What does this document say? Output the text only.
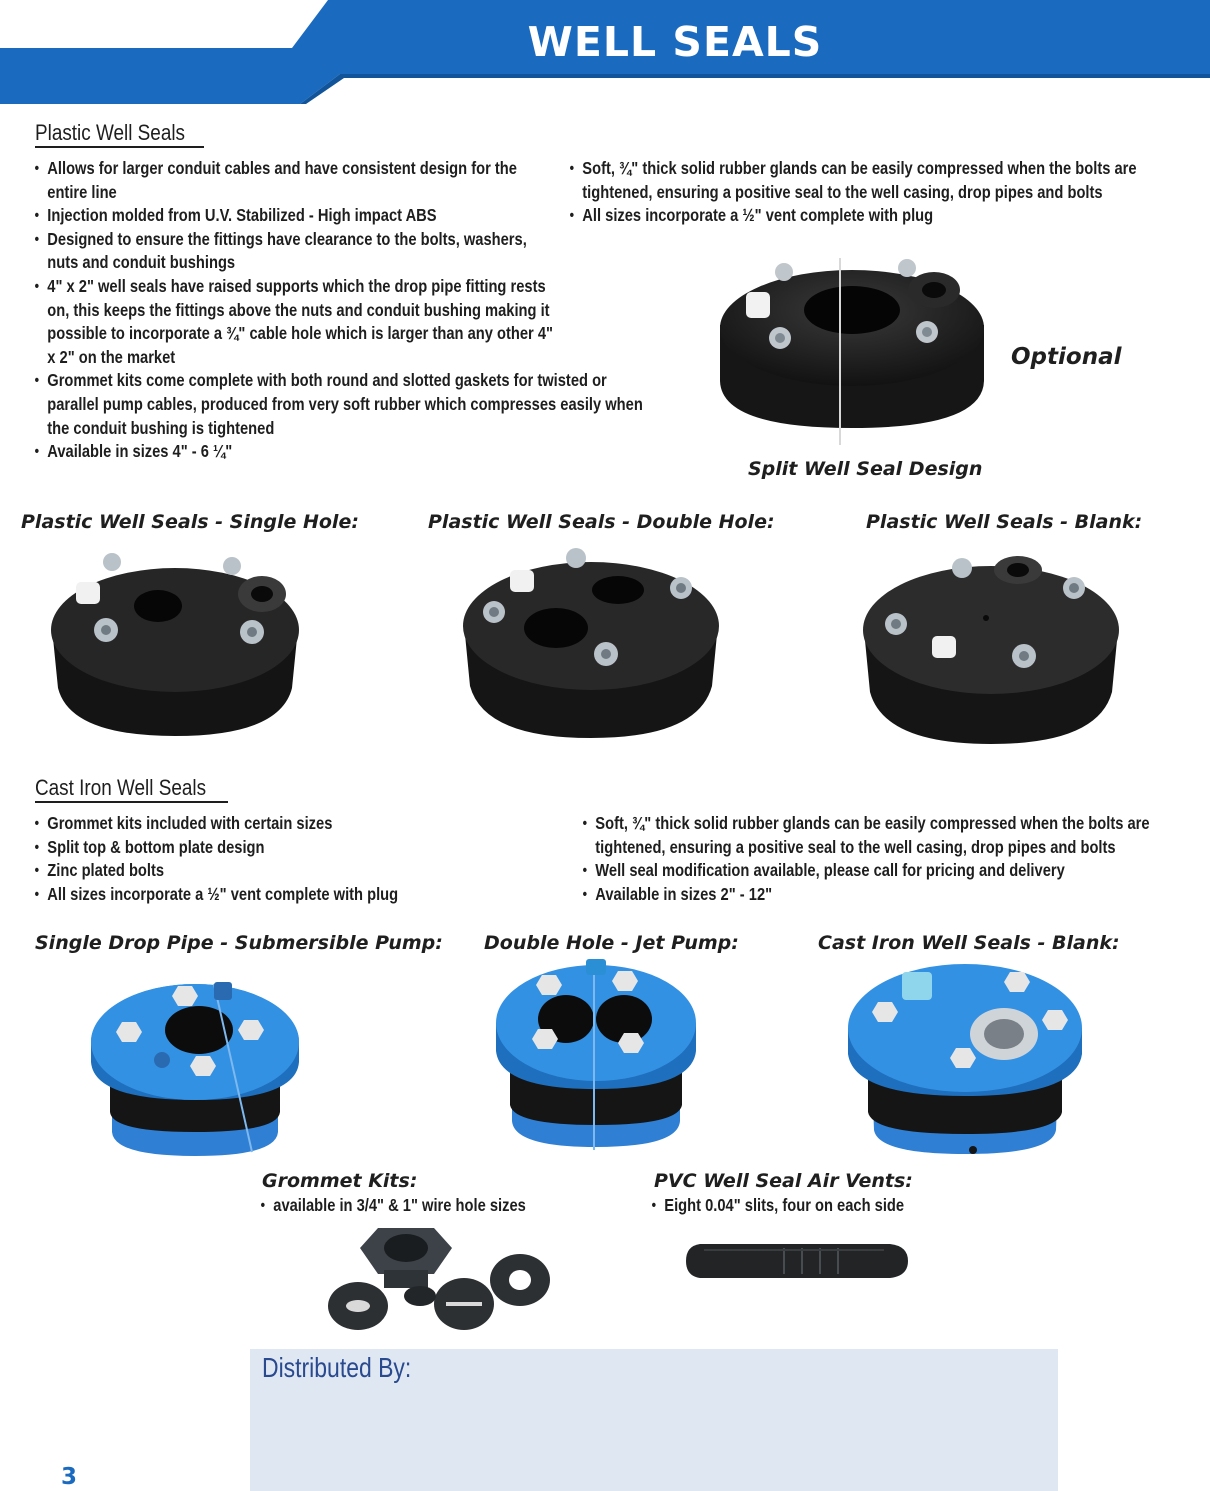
WELL SEALS
Plastic Well Seals
• Allows for larger conduit cables and have consistent design for the entire line
• Injection molded from U.V. Stabilized - High impact ABS
• Designed to ensure the fittings have clearance to the bolts, washers, nuts and conduit bushings
• 4" x 2" well seals have raised supports which the drop pipe fitting rests on, this keeps the fittings above the nuts and conduit bushing making it possible to incorporate a ¾" cable hole which is larger than any other 4" x 2" on the market
• Grommet kits come complete with both round and slotted gaskets for twisted or parallel pump cables, produced from very soft rubber which compresses easily when the conduit bushing is tightened
• Available in sizes 4" - 6 ¼"
• Soft, ¾" thick solid rubber glands can be easily compressed when the bolts are tightened, ensuring a positive seal to the well casing, drop pipes and bolts
• All sizes incorporate a ½" vent complete with plug
Optional
Split Well Seal Design
Plastic Well Seals - Single Hole:	Plastic Well Seals - Double Hole:	Plastic Well Seals - Blank:
Cast Iron Well Seals
• Grommet kits included with certain sizes
• Split top & bottom plate design
• Zinc plated bolts
• All sizes incorporate a ½" vent complete with plug
• Soft, ¾" thick solid rubber glands can be easily compressed when the bolts are tightened, ensuring a positive seal to the well casing, drop pipes and bolts
• Well seal modification available, please call for pricing and delivery
• Available in sizes 2" - 12"
Single Drop Pipe - Submersible Pump: Double Hole - Jet Pump:	Cast Iron Well Seals - Blank:
Grommet Kits:
• available in 3/4" & 1" wire hole sizes
PVC Well Seal Air Vents:
• Eight 0.04" slits, four on each side
Distributed By:
3
